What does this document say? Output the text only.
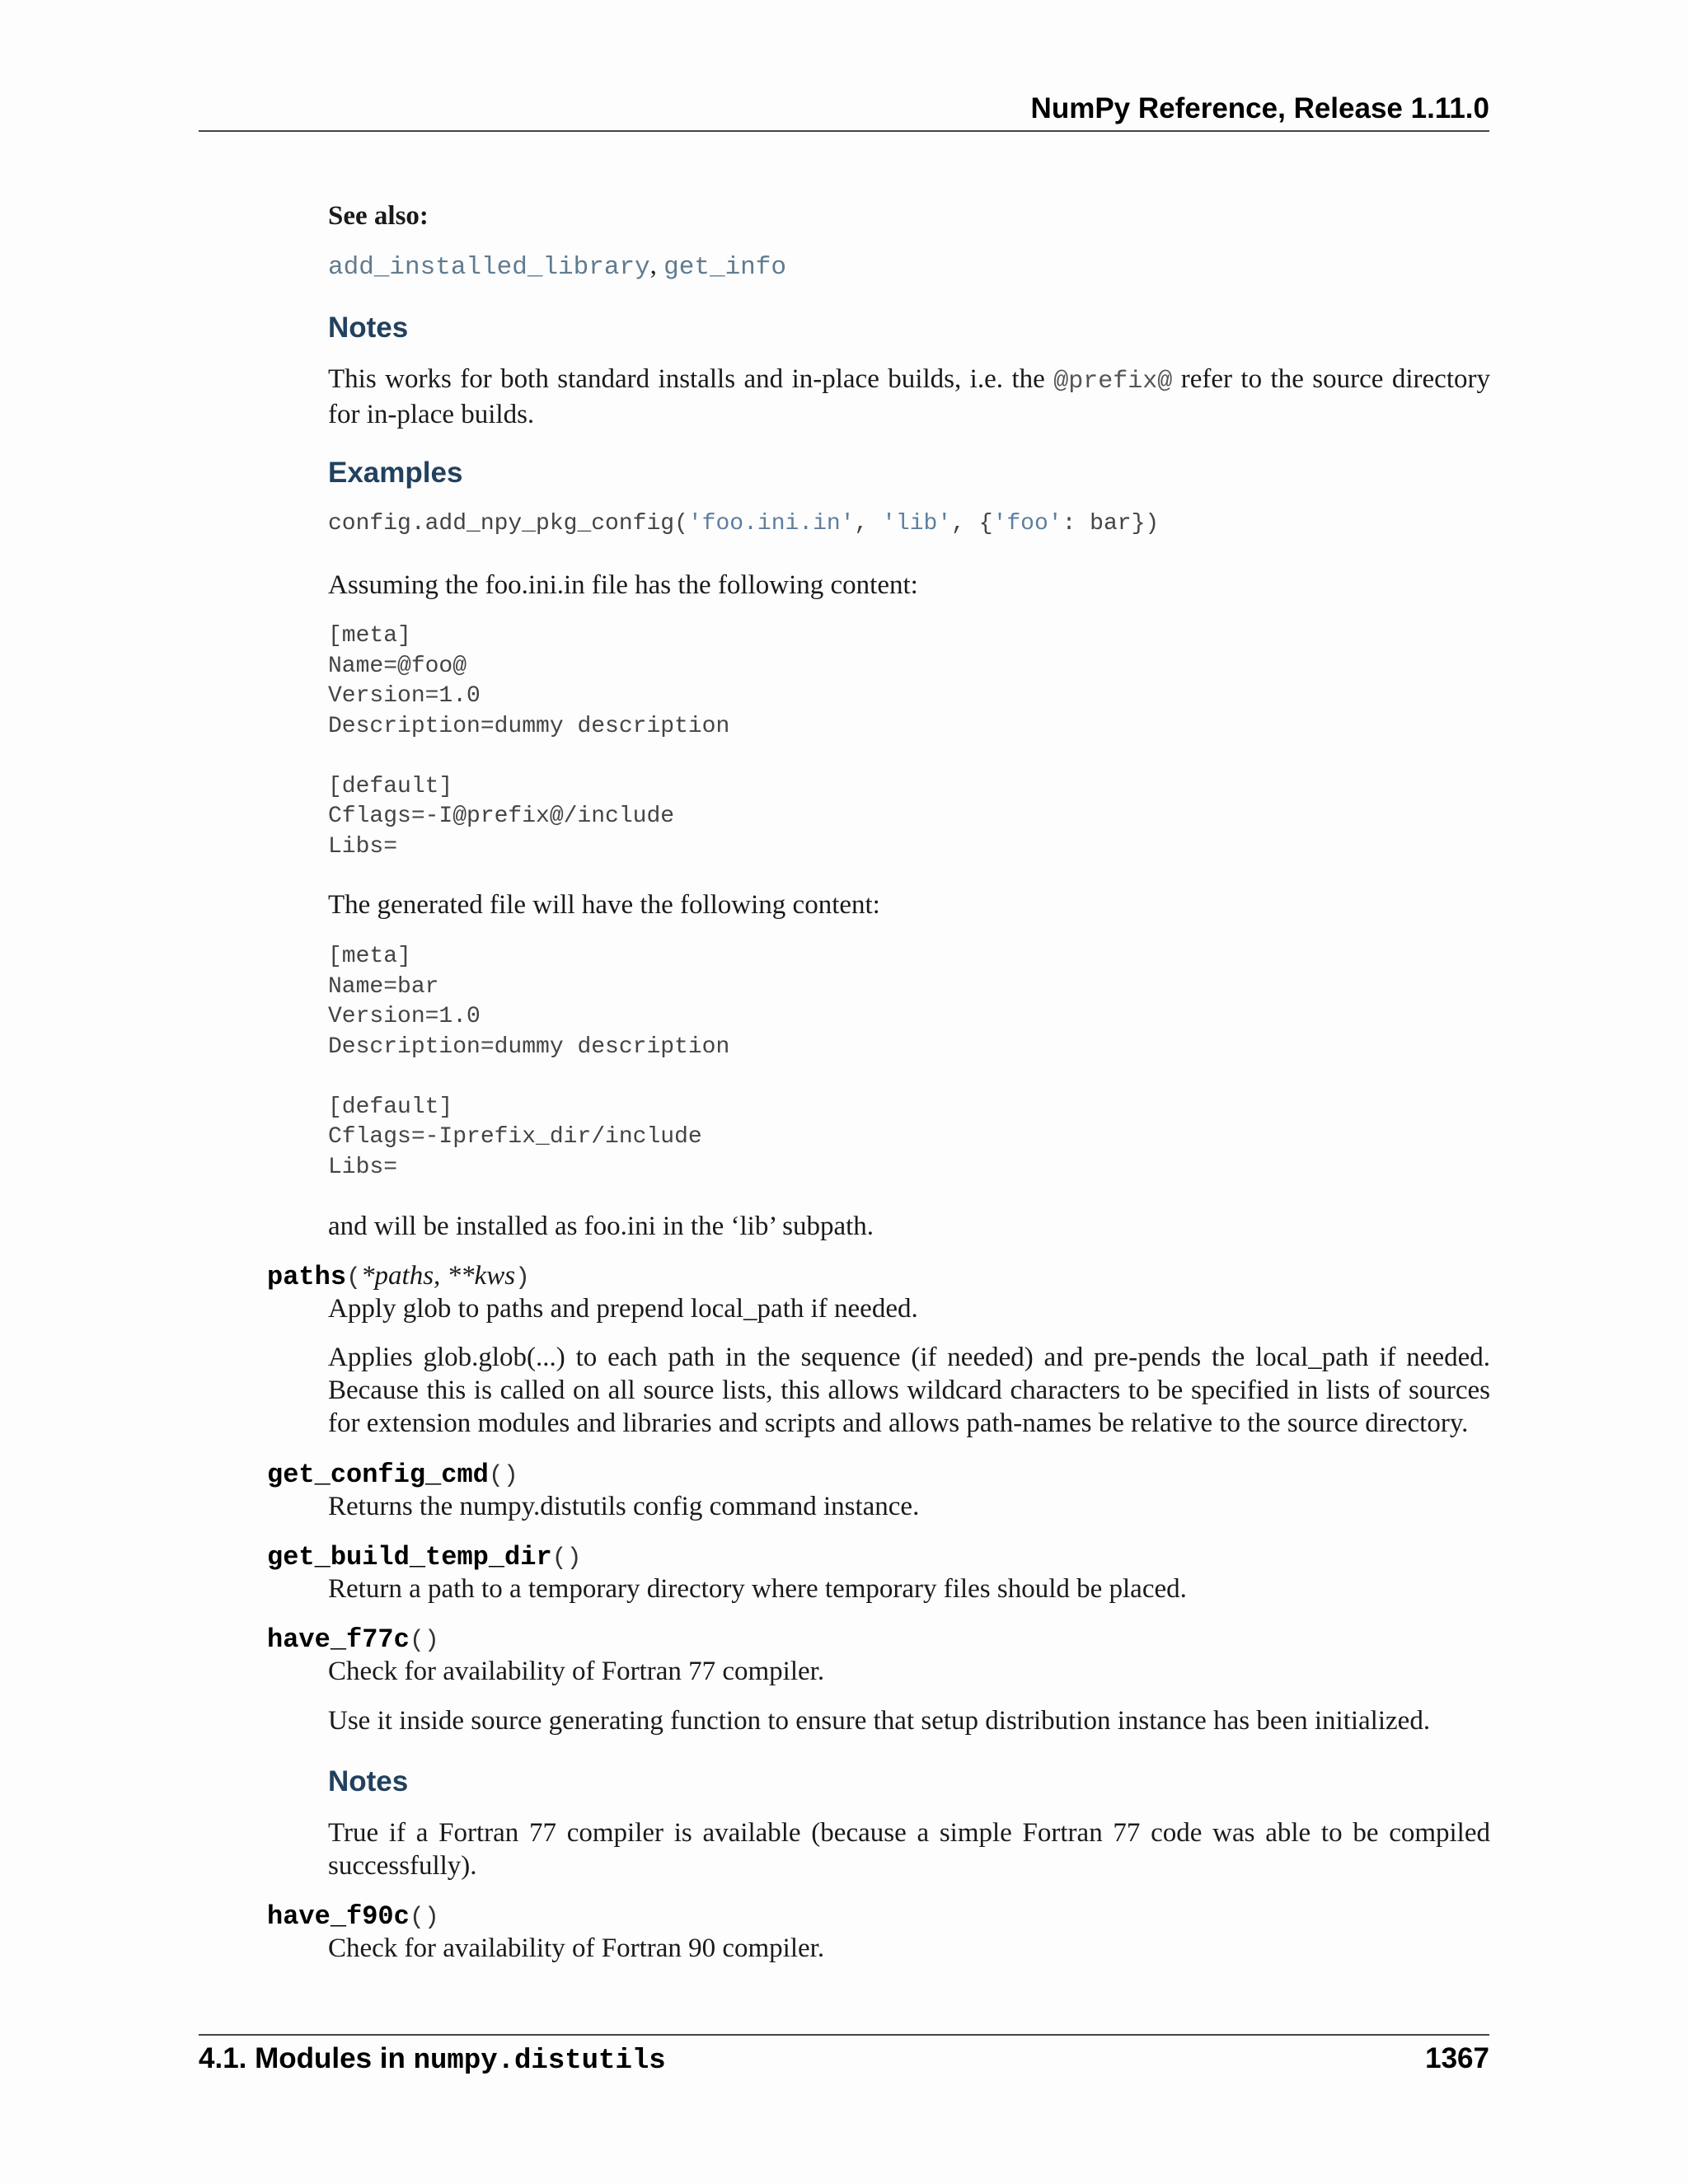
NumPy Reference, Release 1.11.0
See also:
add_installed_library, get_info
Notes
This works for both standard installs and in-place builds, i.e. the @prefix@ refer to the source directory for in-place builds.
Examples
config.add_npy_pkg_config('foo.ini.in', 'lib', {'foo': bar})
Assuming the foo.ini.in file has the following content:
[meta]
Name=@foo@
Version=1.0
Description=dummy description

[default]
Cflags=-I@prefix@/include
Libs=
The generated file will have the following content:
[meta]
Name=bar
Version=1.0
Description=dummy description

[default]
Cflags=-Iprefix_dir/include
Libs=
and will be installed as foo.ini in the ‘lib’ subpath.
paths(*paths, **kws)
Apply glob to paths and prepend local_path if needed.
Applies glob.glob(...) to each path in the sequence (if needed) and pre-pends the local_path if needed. Because this is called on all source lists, this allows wildcard characters to be specified in lists of sources for extension modules and libraries and scripts and allows path-names be relative to the source directory.
get_config_cmd()
Returns the numpy.distutils config command instance.
get_build_temp_dir()
Return a path to a temporary directory where temporary files should be placed.
have_f77c()
Check for availability of Fortran 77 compiler.
Use it inside source generating function to ensure that setup distribution instance has been initialized.
Notes
True if a Fortran 77 compiler is available (because a simple Fortran 77 code was able to be compiled successfully).
have_f90c()
Check for availability of Fortran 90 compiler.
4.1. Modules in numpy.distutils	1367
